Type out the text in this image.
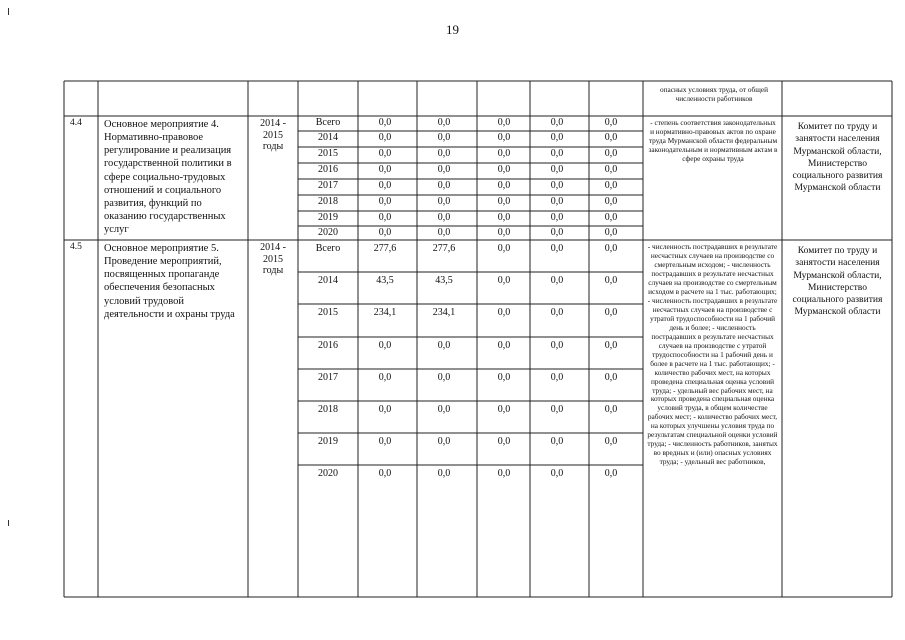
19
опасных условиях труда, от общей численности работников
4.4	Основное мероприятие 4. Нормативно-правовое регулирование и реализация государственной политики в сфере социально-трудовых отношений и социального развития, функций по оказанию государственных услуг
2014 - 2015 годы
Всего	0,0	0,0	0,0	0,0	0,0
2014	0,0	0,0	0,0	0,0	0,0
2015	0,0	0,0	0,0	0,0	0,0
2016	0,0	0,0	0,0	0,0	0,0
2017	0,0	0,0	0,0	0,0	0,0
2018	0,0	0,0	0,0	0,0	0,0
2019	0,0	0,0	0,0	0,0	0,0
2020	0,0	0,0	0,0	0,0	0,0
- степень соответствия законодательных и нормативно-правовых актов по охране труда Мурманской области федеральным законодательным и нормативным актам в сфере охраны труда
Комитет по труду и занятости населения Мурманской области, Министерство социального развития Мурманской области
4.5	Основное мероприятие 5. Проведение мероприятий, посвященных пропаганде обеспечения безопасных условий трудовой деятельности и охраны труда
2014 - 2015 годы
Всего	277,6	277,6	0,0	0,0	0,0
2014	43,5	43,5	0,0	0,0	0,0
2015	234,1	234,1	0,0	0,0	0,0
2016	0,0	0,0	0,0	0,0	0,0
2017	0,0	0,0	0,0	0,0	0,0
2018	0,0	0,0	0,0	0,0	0,0
2019	0,0	0,0	0,0	0,0	0,0
2020	0,0	0,0	0,0	0,0	0,0
- численность пострадавших в результате несчастных случаев на производстве со смертельным исходом; - численность пострадавших в результате несчастных случаев на производстве со смертельным исходом в расчете на 1 тыс. работающих; - численность пострадавших в результате несчастных случаев на производстве с утратой трудоспособности на 1 рабочий день и более; - численность пострадавших в результате несчастных случаев на производстве с утратой трудоспособности на 1 рабочий день и более в расчете на 1 тыс. работающих; - количество рабочих мест, на которых проведена специальная оценка условий труда; - удельный вес рабочих мест, на которых проведена специальная оценка условий труда, в общем количестве рабочих мест; - количество рабочих мест, на которых улучшены условия труда по результатам специальной оценки условий труда; - численность работников, занятых во вредных и (или) опасных условиях труда; - удельный вес работников,
Комитет по труду и занятости населения Мурманской области, Министерство социального развития Мурманской области
